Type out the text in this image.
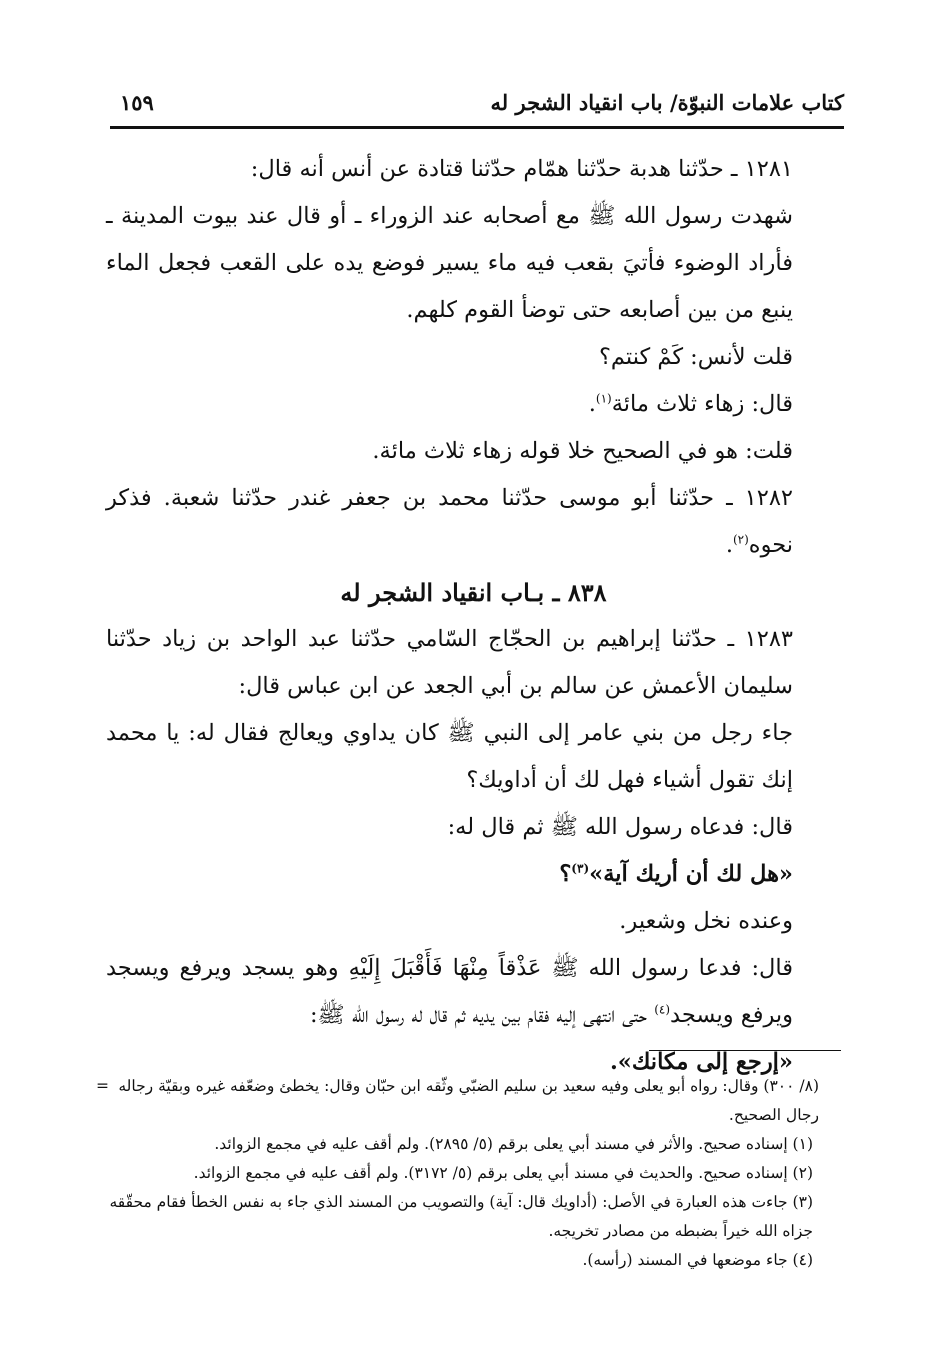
كتاب علامات النبوّة/ باب انقياد الشجر له
١٥٩

١٢٨١ ـ حدّثنا هدبة حدّثنا همّام حدّثنا قتادة عن أنس أنه قال:

شهدت رسول الله ﷺ مع أصحابه عند الزوراء ـ أو قال عند بيوت المدينة ـ فأراد الوضوء فأتيَ بقعب فيه ماء يسير فوضع يده على القعب فجعل الماء ينبع من بين أصابعه حتى توضأ القوم كلهم.

قلت لأنس: كَمْ كنتم؟

قال: زهاء ثلاث مائة$^{(١)}$.

قلت: هو في الصحيح خلا قوله زهاء ثلاث مائة.

١٢٨٢ ـ حدّثنا أبو موسى حدّثنا محمد بن جعفر غندر حدّثنا شعبة. فذكر نحوه$^{(٢)}$.

٨٣٨ ـ بـاب انقياد الشجر له

١٢٨٣ ـ حدّثنا إبراهيم بن الحجّاج السّامي حدّثنا عبد الواحد بن زياد حدّثنا سليمان الأعمش عن سالم بن أبي الجعد عن ابن عباس قال:

جاء رجل من بني عامر إلى النبي ﷺ كان يداوي ويعالج فقال له: يا محمد إنك تقول أشياء فهل لك أن أداويك؟

قال: فدعاه رسول الله ﷺ ثم قال له:

«هل لك أن أريك آية»$^{(٣)}$؟

وعنده نخل وشعير.

قال: فدعا رسول الله ﷺ عَذْقاً مِنْهَا فَأَقْبَلَ إِلَيْهِ وهو يسجد ويرفع ويسجد ويرفع ويسجد$^{(٤)}$ حتى انتهى إليه فقام بين يديه ثم قال له رسول الله ﷺ:

«إرجع إلى مكانك».

= (٨/ ٣٠٠) وقال: رواه أبو يعلى وفيه سعيد بن سليم الضبّي وثّقه ابن حبّان وقال: يخطئ وضعّفه غيره وبقيّة رجاله رجال الصحيح.

(١) إسناده صحيح. والأثر في مسند أبي يعلى برقم (٥/ ٢٨٩٥). ولم أقف عليه في مجمع الزوائد.

(٢) إسناده صحيح. والحديث في مسند أبي يعلى برقم (٥/ ٣١٧٢). ولم أقف عليه في مجمع الزوائد.

(٣) جاءت هذه العبارة في الأصل: (أداويك قال: آية) والتصويب من المسند الذي جاء به نفس الخطأ فقام محقّقه جزاه الله خيراً بضبطه من مصادر تخريجه.

(٤) جاء موضعها في المسند (رأسه).
